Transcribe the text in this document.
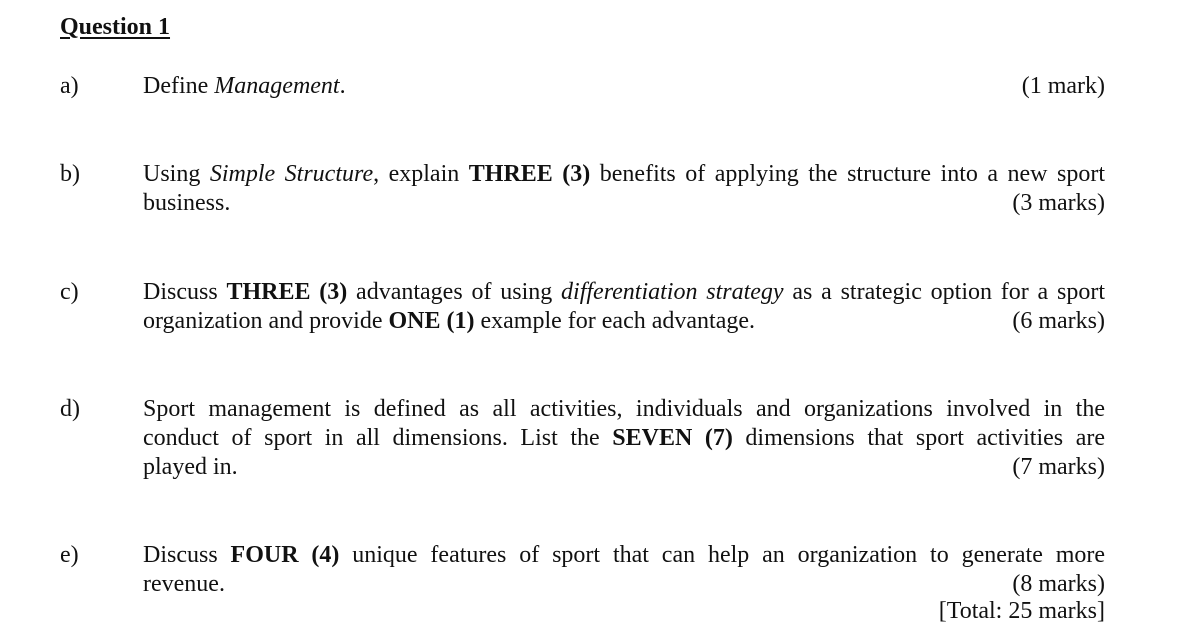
Question 1
a)	Define Management.	(1 mark)
b)	Using Simple Structure, explain THREE (3) benefits of applying the structure into a new sport
business.	(3 marks)
c)	Discuss THREE (3) advantages of using differentiation strategy as a strategic option for a sport
organization and provide ONE (1) example for each advantage.	(6 marks)
d)	Sport management is defined as all activities, individuals and organizations involved in the
conduct of sport in all dimensions. List the SEVEN (7) dimensions that sport activities are
played in.	(7 marks)
e)	Discuss FOUR (4) unique features of sport that can help an organization to generate more
revenue.	(8 marks)
[Total: 25 marks]
